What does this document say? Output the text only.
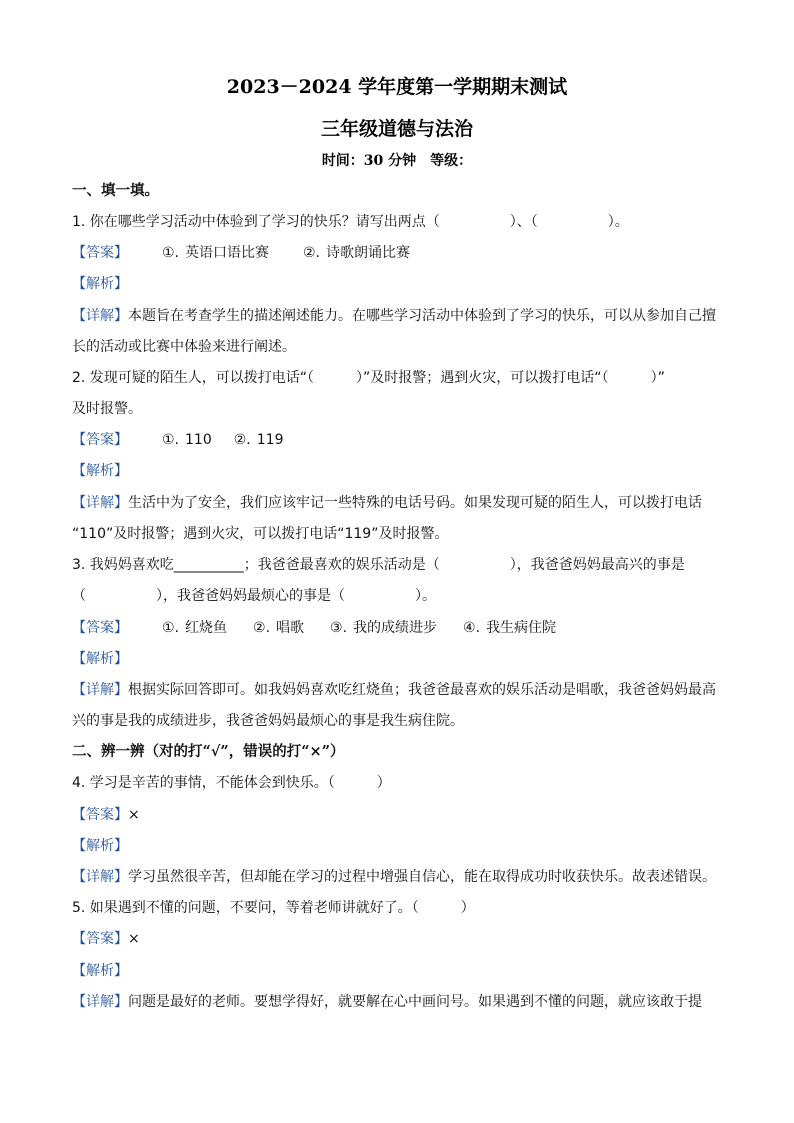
2023－2024 学年度第一学期期末测试
三年级道德与法治
时间：30 分钟　等级：
一、填一填。
1. 你在哪些学习活动中体验到了学习的快乐？请写出两点（　　　　　）、（　　　　　）。
【答案】 ①. 英语口语比赛 ②. 诗歌朗诵比赛
【解析】
【详解】本题旨在考查学生的描述阐述能力。在哪些学习活动中体验到了学习的快乐，可以从参加自己擅
长的活动或比赛中体验来进行阐述。
2. 发现可疑的陌生人，可以拨打电话“（　　　）”及时报警；遇到火灾，可以拨打电话“（　　　）”
及时报警。
【答案】 ①. 110 ②. 119
【解析】
【详解】生活中为了安全，我们应该牢记一些特殊的电话号码。如果发现可疑的陌生人，可以拨打电话
“110”及时报警；遇到火灾，可以拨打电话“119”及时报警。
3. 我妈妈喜欢吃__________；我爸爸最喜欢的娱乐活动是（　　　　　），我爸爸妈妈最高兴的事是
（　　　　　），我爸爸妈妈最烦心的事是（　　　　　）。
【答案】 ①. 红烧鱼 ②. 唱歌 ③. 我的成绩进步 ④. 我生病住院
【解析】
【详解】根据实际回答即可。如我妈妈喜欢吃红烧鱼；我爸爸最喜欢的娱乐活动是唱歌，我爸爸妈妈最高
兴的事是我的成绩进步，我爸爸妈妈最烦心的事是我生病住院。
二、辨一辨（对的打“√”，错误的打“×”）
4. 学习是辛苦的事情，不能体会到快乐。（　　　）
【答案】×
【解析】
【详解】学习虽然很辛苦，但却能在学习的过程中增强自信心，能在取得成功时收获快乐。故表述错误。
5. 如果遇到不懂的问题，不要问，等着老师讲就好了。（　　　）
【答案】×
【解析】
【详解】问题是最好的老师。要想学得好，就要解在心中画问号。如果遇到不懂的问题，就应该敢于提
